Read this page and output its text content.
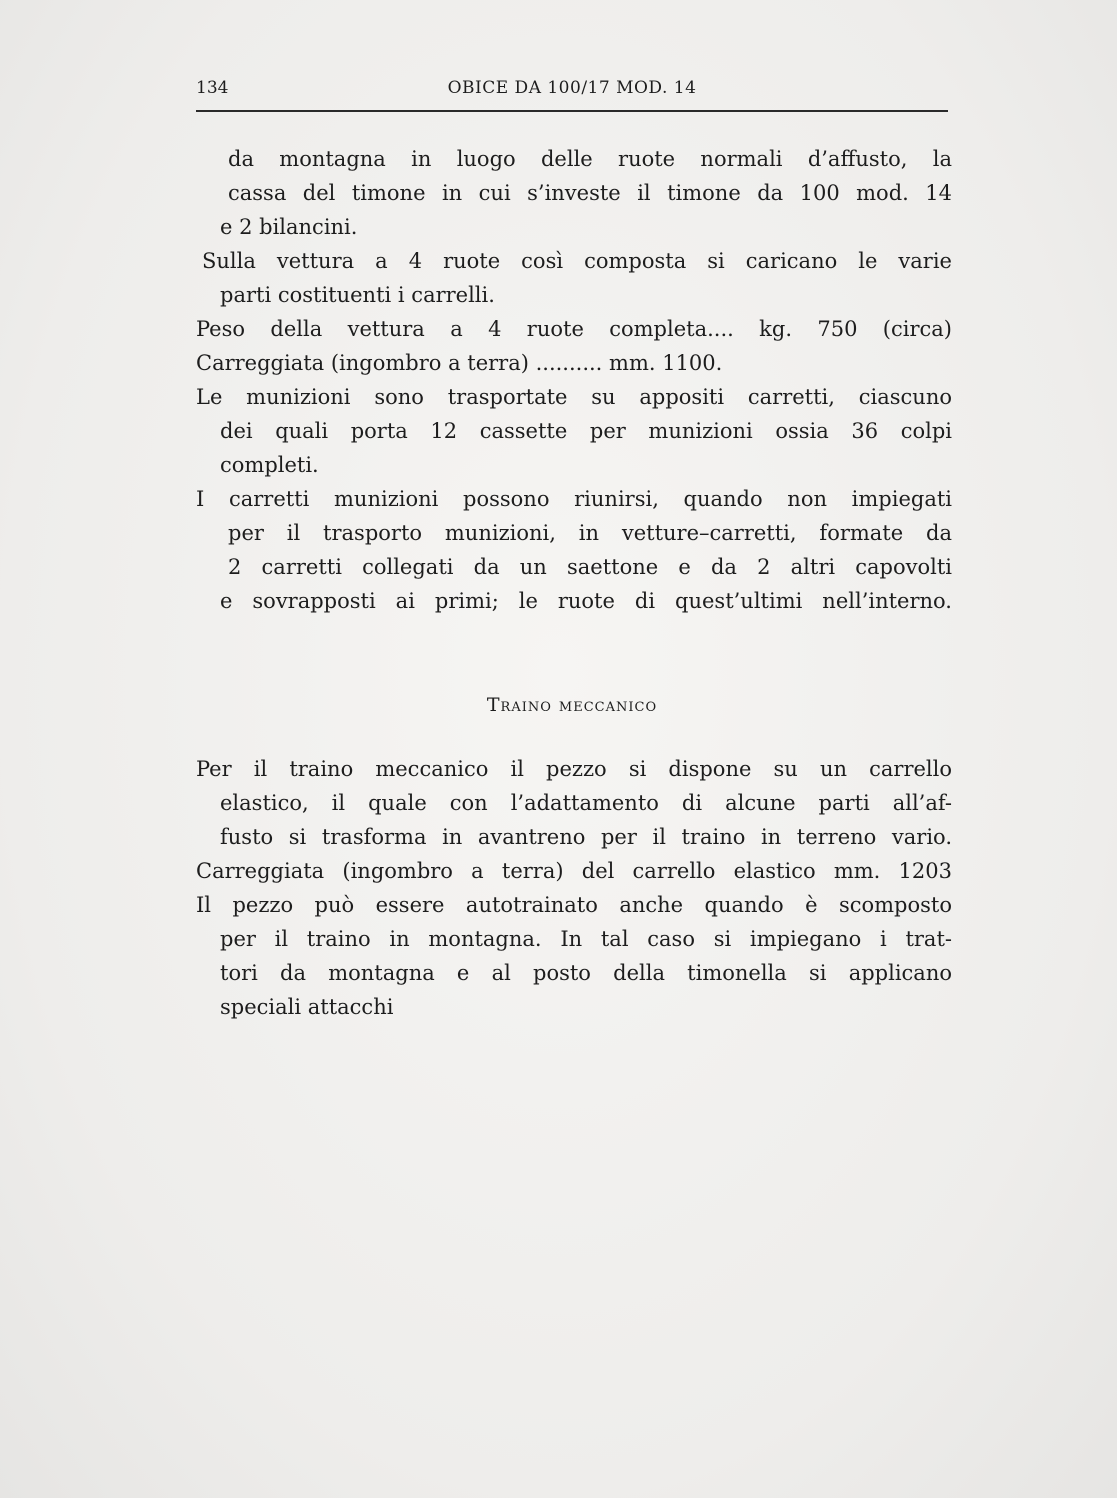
134	OBICE DA 100/17 MOD. 14
da montagna in luogo delle ruote normali d’affusto, la
cassa del timone in cui s’investe il timone da 100 mod. 14
e 2 bilancini.
Sulla vettura a 4 ruote così composta si caricano le varie
parti costituenti i carrelli.
Peso della vettura a 4 ruote completa.... kg. 750 (circa)
Carreggiata (ingombro a terra) .......... mm. 1100.
Le munizioni sono trasportate su appositi carretti, ciascuno
dei quali porta 12 cassette per munizioni ossia 36 colpi
completi.
I carretti munizioni possono riunirsi, quando non impiegati
per il trasporto munizioni, in vetture–carretti, formate da
2 carretti collegati da un saettone e da 2 altri capovolti
e sovrapposti ai primi; le ruote di quest’ultimi nell’interno.
Traino meccanico
Per il traino meccanico il pezzo si dispone su un carrello
elastico, il quale con l’adattamento di alcune parti all’af-
fusto si trasforma in avantreno per il traino in terreno vario.
Carreggiata (ingombro a terra) del carrello elastico mm. 1203
Il pezzo può essere autotrainato anche quando è scomposto
per il traino in montagna. In tal caso si impiegano i trat-
tori da montagna e al posto della timonella si applicano
speciali attacchi
